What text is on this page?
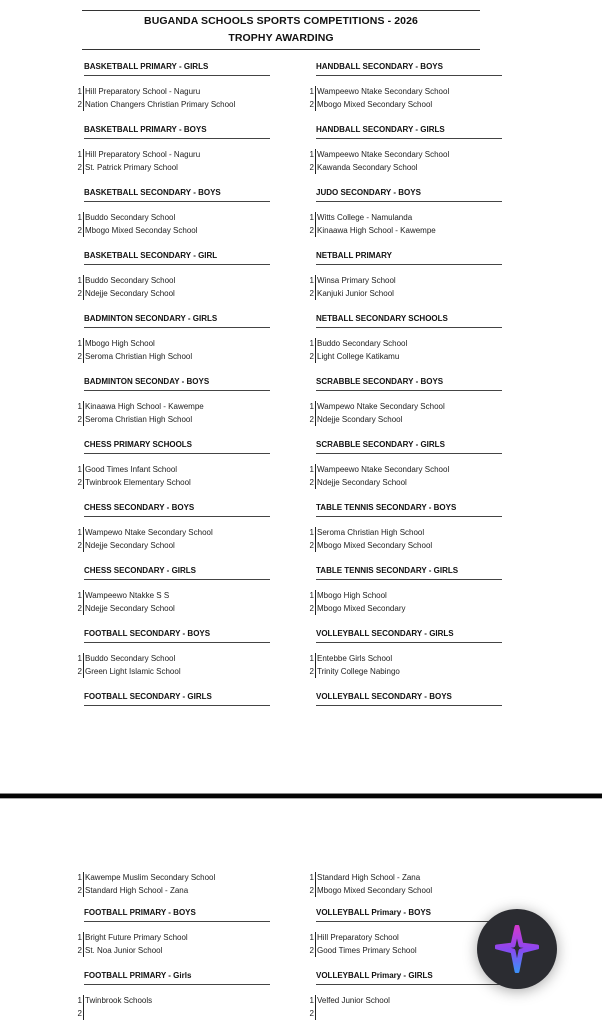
BUGANDA SCHOOLS SPORTS COMPETITIONS - 2026
TROPHY AWARDING
BASKETBALL PRIMARY - GIRLS
1 Hill Preparatory School - Naguru
2 Nation Changers Christian Primary School
BASKETBALL PRIMARY - BOYS
1 Hill Preparatory School - Naguru
2 St. Patrick Primary School
BASKETBALL SECONDARY - BOYS
1 Buddo Secondary School
2 Mbogo Mixed Seconday School
BASKETBALL SECONDARY - GIRL
1 Buddo Secondary School
2 Ndejje Secondary School
BADMINTON SECONDARY - GIRLS
1 Mbogo High School
2 Seroma Christian High School
BADMINTON SECONDAY - BOYS
1 Kinaawa High School - Kawempe
2 Seroma Christian High School
CHESS PRIMARY SCHOOLS
1 Good Times Infant School
2 Twinbrook Elementary School
CHESS SECONDARY - BOYS
1 Wampewo Ntake Secondary School
2 Ndejje Secondary School
CHESS SECONDARY - GIRLS
1 Wampeewo Ntakke S S
2 Ndejje Secondary School
FOOTBALL SECONDARY - BOYS
1 Buddo Secondary School
2 Green Light Islamic School
FOOTBALL SECONDARY - GIRLS
HANDBALL SECONDARY - BOYS
1 Wampeewo Ntake Secondary School
2 Mbogo Mixed Secondary School
HANDBALL SECONDARY - GIRLS
1 Wampeewo Ntake Secondary School
2 Kawanda Secondary School
JUDO SECONDARY - BOYS
1 Witts College - Namulanda
2 Kinaawa High School - Kawempe
NETBALL PRIMARY
1 Winsa Primary School
2 Kanjuki Junior School
NETBALL SECONDARY SCHOOLS
1 Buddo Secondary School
2 Light College Katikamu
SCRABBLE SECONDARY - BOYS
1 Wampewo Ntake Secondary School
2 Ndejje Scondary School
SCRABBLE SECONDARY - GIRLS
1 Wampeewo Ntake Secondary School
2 Ndejje Secondary School
TABLE TENNIS SECONDARY - BOYS
1 Seroma Christian High School
2 Mbogo Mixed Secondary School
TABLE TENNIS SECONDARY - GIRLS
1 Mbogo High School
2 Mbogo Mixed Secondary
VOLLEYBALL SECONDARY - GIRLS
1 Entebbe Girls School
2 Trinity College Nabingo
VOLLEYBALL SECONDARY - BOYS
1 Kawempe Muslim Secondary School
2 Standard High School - Zana
FOOTBALL PRIMARY - BOYS
1 Bright Future Primary School
2 St. Noa Junior School
FOOTBALL PRIMARY - Girls
1 Twinbrook Schools
2
1 Standard High School - Zana
2 Mbogo Mixed Secondary School
VOLLEYBALL Primary - BOYS
1 Hill Preparatory School
2 Good Times Primary School
VOLLEYBALL Primary - GIRLS
1 Velfed Junior School
2
